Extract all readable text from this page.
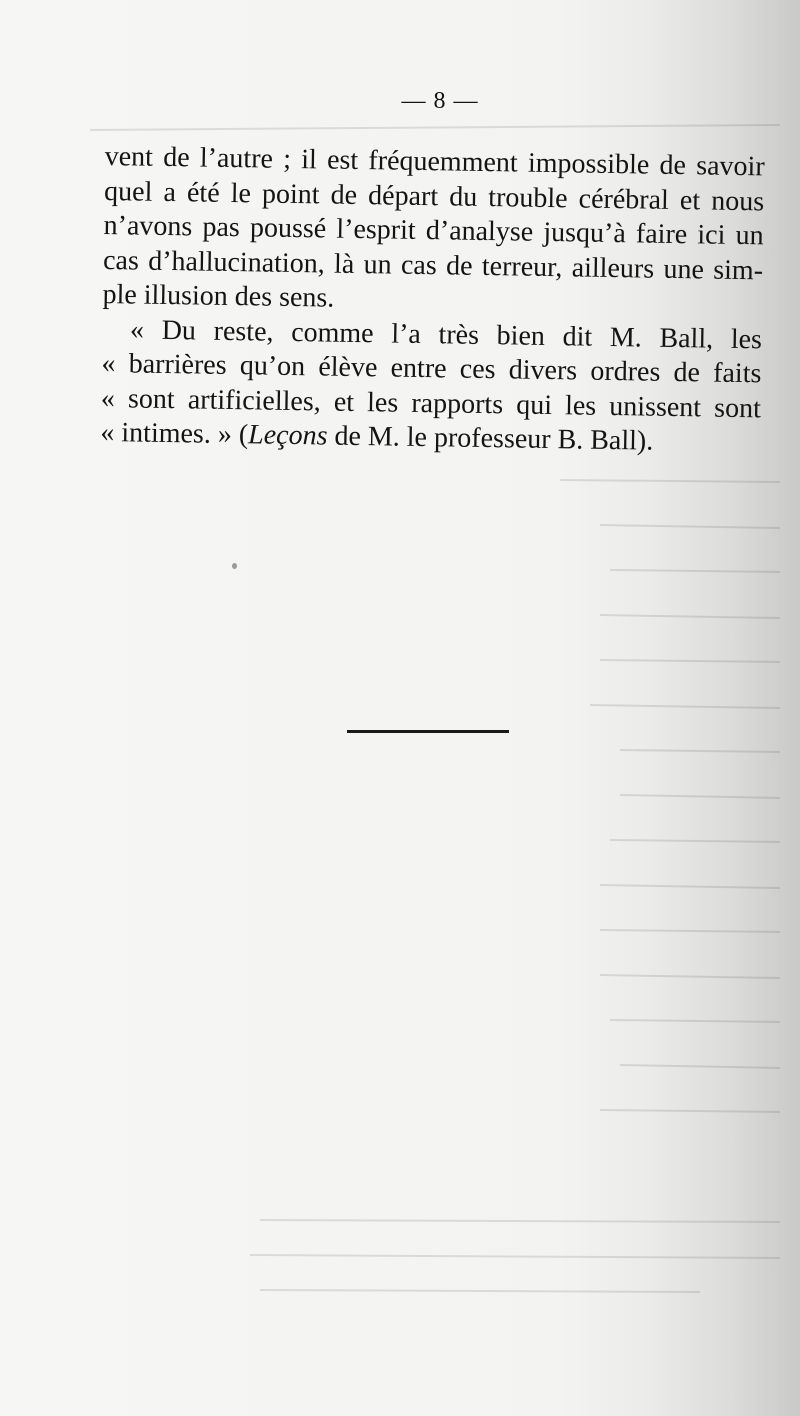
— 8 —
vent de l’autre ; il est fréquemment impossible de savoir
quel a été le point de départ du trouble cérébral et nous
n’avons pas poussé l’esprit d’analyse jusqu’à faire ici un
cas d’hallucination, là un cas de terreur, ailleurs une sim-
ple illusion des sens.
« Du reste, comme l’a très bien dit M. Ball, les
« barrières qu’on élève entre ces divers ordres de faits
« sont artificielles, et les rapports qui les unissent sont
« intimes. » (Leçons de M. le professeur B. Ball).
